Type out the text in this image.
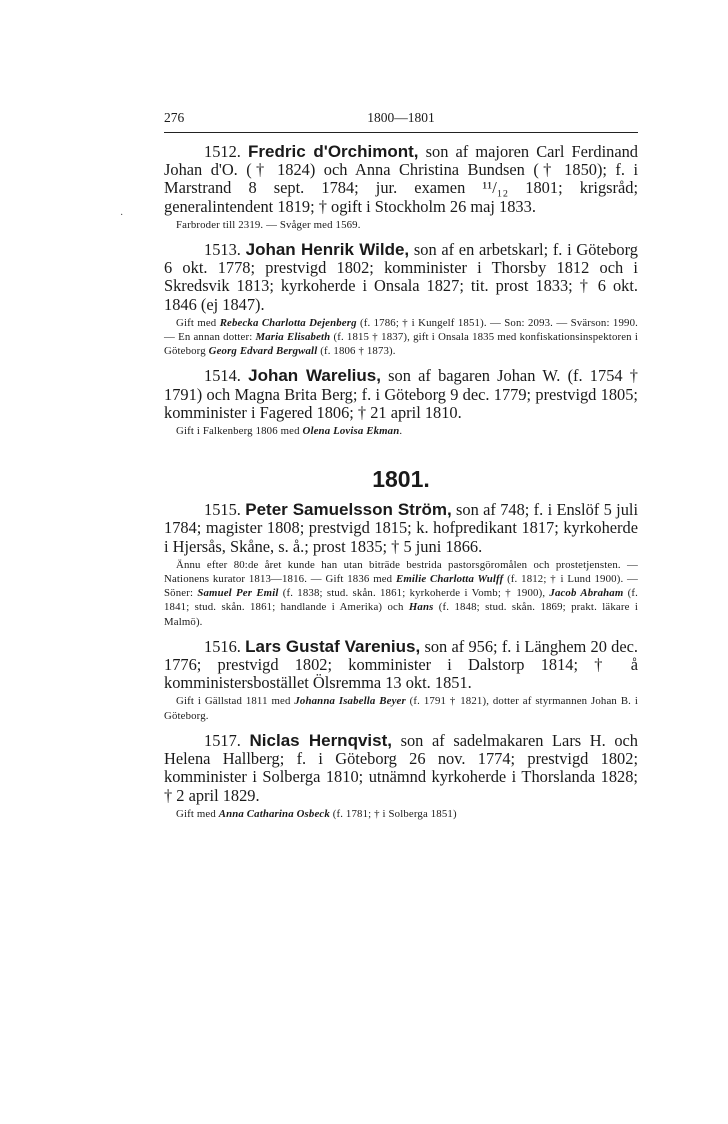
276	1800—1801
·

1512. Fredric d'Orchimont, son af majoren Carl Ferdinand Johan d'O. († 1824) och Anna Christina Bundsen († 1850); f. i Marstrand 8 sept. 1784; jur. examen ¹¹/₁₂ 1801; krigsråd; generalintendent 1819; † ogift i Stockholm 26 maj 1833.

Farbroder till 2319. — Svåger med 1569.

1513. Johan Henrik Wilde, son af en arbetskarl; f. i Göteborg 6 okt. 1778; prestvigd 1802; komminister i Thorsby 1812 och i Skredsvik 1813; kyrkoherde i Onsala 1827; tit. prost 1833; † 6 okt. 1846 (ej 1847).

Gift med Rebecka Charlotta Dejenberg (f. 1786; † i Kungelf 1851). — Son: 2093. — Svärson: 1990. — En annan dotter: Maria Elisabeth (f. 1815 † 1837), gift i Onsala 1835 med konfiskationsinspektoren i Göteborg Georg Edvard Bergwall (f. 1806 † 1873).

1514. Johan Warelius, son af bagaren Johan W. (f. 1754 † 1791) och Magna Brita Berg; f. i Göteborg 9 dec. 1779; prestvigd 1805; komminister i Fagered 1806; † 21 april 1810.

Gift i Falkenberg 1806 med Olena Lovisa Ekman.

1801.

1515. Peter Samuelsson Ström, son af 748; f. i Enslöf 5 juli 1784; magister 1808; prestvigd 1815; k. hofpredikant 1817; kyrkoherde i Hjersås, Skåne, s. å.; prost 1835; † 5 juni 1866.

Ännu efter 80:de året kunde han utan biträde bestrida pastorsgöromålen och prostetjensten. — Nationens kurator 1813—1816. — Gift 1836 med Emilie Charlotta Wulff (f. 1812; † i Lund 1900). — Söner: Samuel Per Emil (f. 1838; stud. skån. 1861; kyrkoherde i Vomb; † 1900), Jacob Abraham (f. 1841; stud. skån. 1861; handlande i Amerika) och Hans (f. 1848; stud. skån. 1869; prakt. läkare i Malmö).

1516. Lars Gustaf Varenius, son af 956; f. i Länghem 20 dec. 1776; prestvigd 1802; komminister i Dalstorp 1814; † å komministersbostället Ölsremma 13 okt. 1851.

Gift i Gällstad 1811 med Johanna Isabella Beyer (f. 1791 † 1821), dotter af styrmannen Johan B. i Göteborg.

1517. Niclas Hernqvist, son af sadelmakaren Lars H. och Helena Hallberg; f. i Göteborg 26 nov. 1774; prestvigd 1802; komminister i Solberga 1810; utnämnd kyrkoherde i Thorslanda 1828; † 2 april 1829.

Gift med Anna Catharina Osbeck (f. 1781; † i Solberga 1851)
